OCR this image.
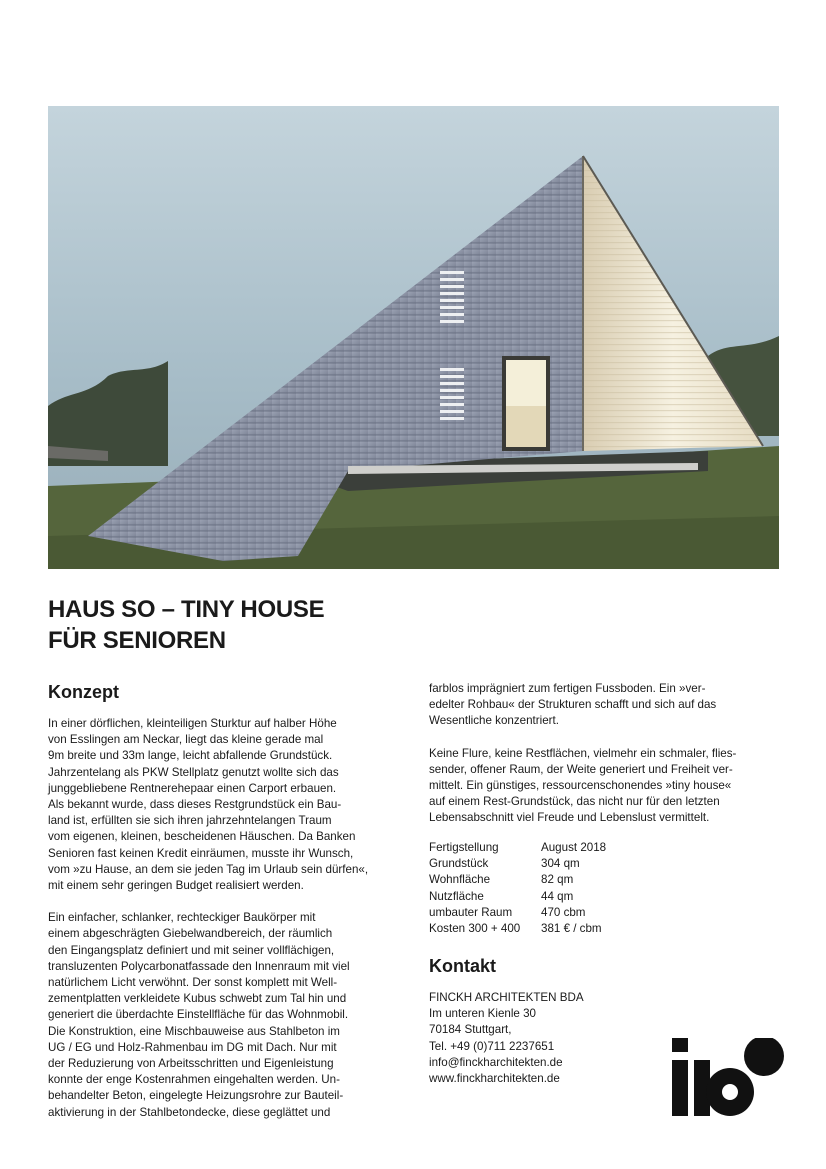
HAUS SO – TINY HOUSE
FÜR SENIOREN
Konzept

In einer dörflichen, kleinteiligen Sturktur auf halber Höhe
von Esslingen am Neckar, liegt das kleine gerade mal
9m breite und 33m lange, leicht abfallende Grundstück.
Jahrzentelang als PKW Stellplatz genutzt wollte sich das
junggebliebene Rentnerehepaar einen Carport erbauen.
Als bekannt wurde, dass dieses Restgrundstück ein Bau-
land ist, erfüllten sie sich ihren jahrzehntelangen Traum
vom eigenen, kleinen, bescheidenen Häuschen. Da Banken
Senioren fast keinen Kredit einräumen, musste ihr Wunsch,
vom »zu Hause, an dem sie jeden Tag im Urlaub sein dürfen«,
mit einem sehr geringen Budget realisiert werden.

Ein einfacher, schlanker, rechteckiger Baukörper mit
einem abgeschrägten Giebelwandbereich, der räumlich
den Eingangsplatz definiert und mit seiner vollflächigen,
transluzenten Polycarbonatfassade den Innenraum mit viel
natürlichem Licht verwöhnt. Der sonst komplett mit Well-
zementplatten verkleidete Kubus schwebt zum Tal hin und
generiert die überdachte Einstellfläche für das Wohnmobil.
Die Konstruktion, eine Mischbauweise aus Stahlbeton im
UG / EG und Holz-Rahmenbau im DG mit Dach. Nur mit
der Reduzierung von Arbeitsschritten und Eigenleistung
konnte der enge Kostenrahmen eingehalten werden. Un-
behandelter Beton, eingelegte Heizungsrohre zur Bauteil-
aktivierung in der Stahlbetondecke, diese geglättet und

farblos imprägniert zum fertigen Fussboden. Ein »ver-
edelter Rohbau« der Strukturen schafft und sich auf das
Wesentliche konzentriert.

Keine Flure, keine Restflächen, vielmehr ein schmaler, flies-
sender, offener Raum, der Weite generiert und Freiheit ver-
mittelt. Ein günstiges, ressourcenschonendes »tiny house«
auf einem Rest-Grundstück, das nicht nur für den letzten
Lebensabschnitt viel Freude und Lebenslust vermittelt.

Fertigstellung	August 2018
Grundstück	304 qm
Wohnfläche	82 qm
Nutzfläche	44 qm
umbauter Raum	470 cbm
Kosten 300 + 400	381 € / cbm
Kontakt
FINCKH ARCHITEKTEN BDA
Im unteren Kienle 30
70184 Stuttgart,
Tel. +49 (0)711 2237651
info@finckharchitekten.de
www.finckharchitekten.de
